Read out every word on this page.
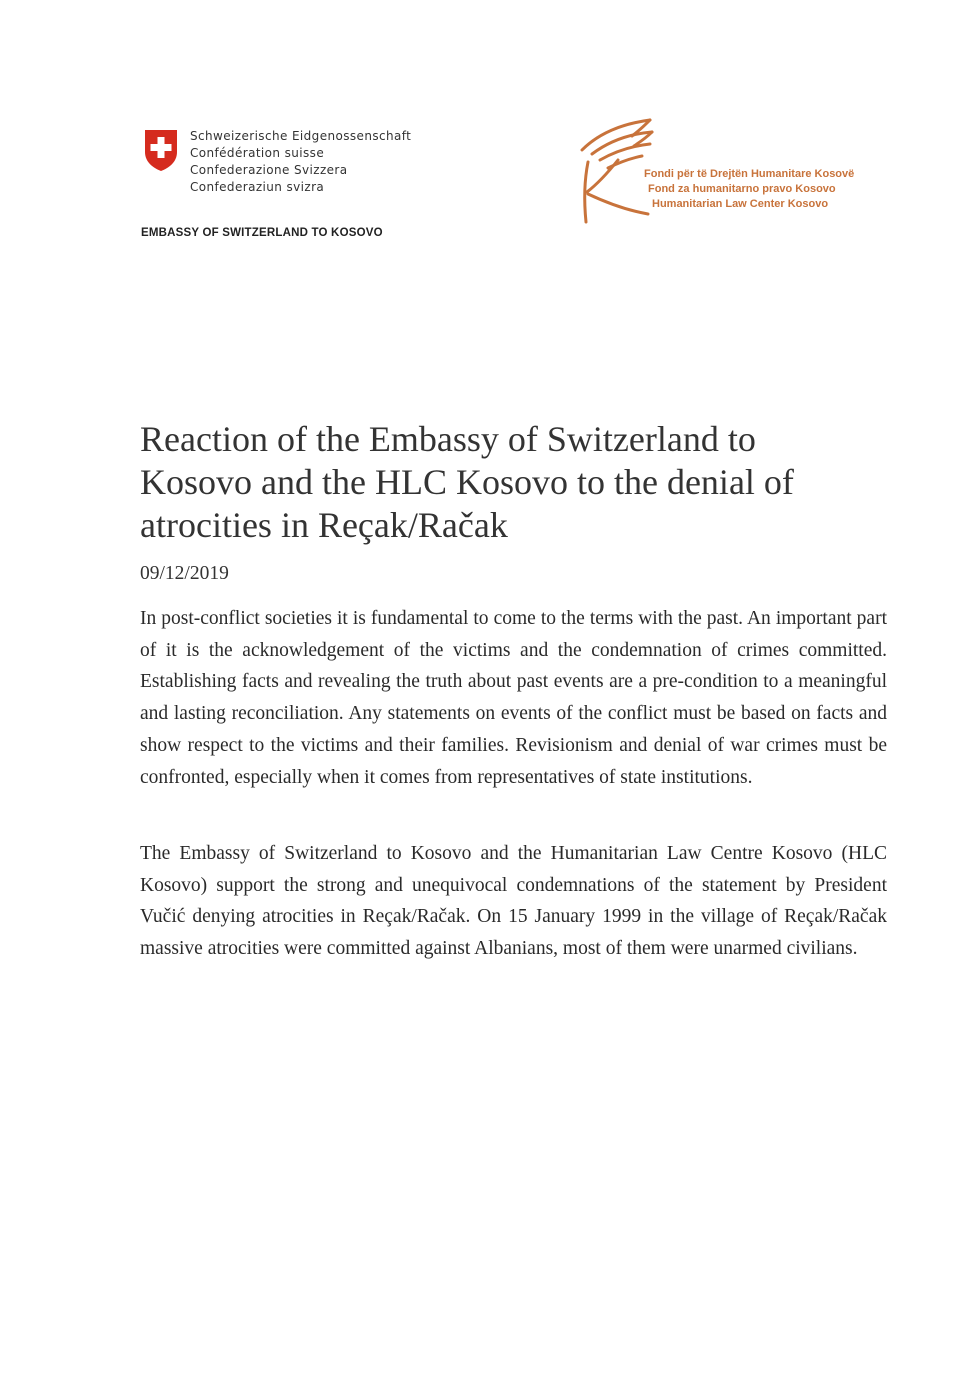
Schweizerische Eidgenossenschaft
Confédération suisse
Confederazione Svizzera
Confederaziun svizra
EMBASSY OF SWITZERLAND TO KOSOVO
Fondi për të Drejtën Humanitare Kosovë
Fond za humanitarno pravo Kosovo
Humanitarian Law Center Kosovo
Reaction of the Embassy of Switzerland to Kosovo and the HLC Kosovo to the denial of atrocities in Reçak/Račak
09/12/2019

In post-conflict societies it is fundamental to come to the terms with the past. An important part of it is the acknowledgement of the victims and the condemnation of crimes committed. Establishing facts and revealing the truth about past events are a pre-condition to a meaningful and lasting reconciliation. Any statements on events of the conflict must be based on facts and show respect to the victims and their families. Revisionism and denial of war crimes must be confronted, especially when it comes from representatives of state institutions.

The Embassy of Switzerland to Kosovo and the Humanitarian Law Centre Kosovo (HLC Kosovo) support the strong and unequivocal condemnations of the statement by President Vučić denying atrocities in Reçak/Račak. On 15 January 1999 in the village of Reçak/Račak massive atrocities were committed against Albanians, most of them were unarmed civilians.
